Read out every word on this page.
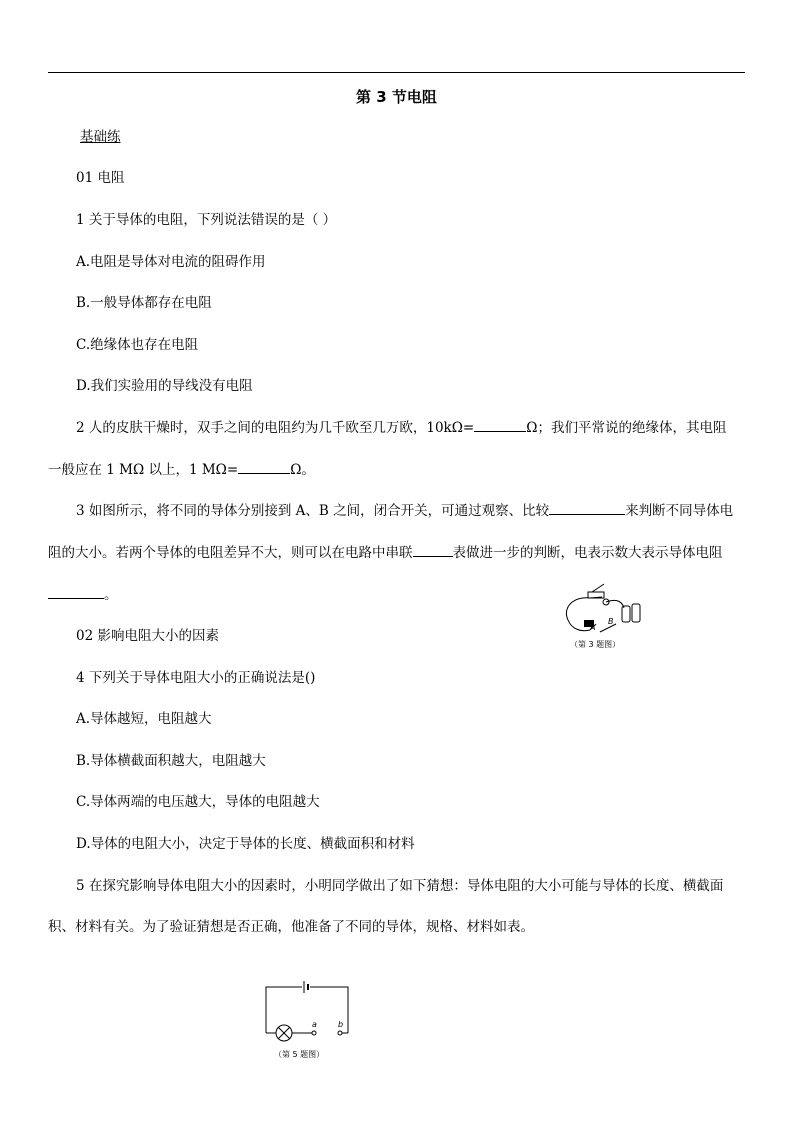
第 3 节电阻
基础练
01 电阻
1 关于导体的电阻，下列说法错误的是（ ）
A.电阻是导体对电流的阻碍作用
B.一般导体都存在电阻
C.绝缘体也存在电阻
D.我们实验用的导线没有电阻
2 人的皮肤干燥时，双手之间的电阻约为几千欧至几万欧，10kΩ=	Ω；我们平常说的绝缘体，其电阻
一般应在 1 MΩ 以上，1 MΩ=	Ω。
3 如图所示，将不同的导体分别接到 A、B 之间，闭合开关，可通过观察、比较	来判断不同导体电
阻的大小。若两个导体的电阻差异不大，则可以在电路中串联	表做进一步的判断，电表示数大表示导体电阻
。
A
B
（第 3 题图）
02 影响电阻大小的因素
4 下列关于导体电阻大小的正确说法是()
A.导体越短，电阻越大
B.导体横截面积越大，电阻越大
C.导体两端的电压越大，导体的电阻越大
D.导体的电阻大小，决定于导体的长度、横截面积和材料
5 在探究影响导体电阻大小的因素时，小明同学做出了如下猜想：导体电阻的大小可能与导体的长度、横截面
积、材料有关。为了验证猜想是否正确，他准备了不同的导体，规格、材料如表。
a	b
（第 5 题图）
